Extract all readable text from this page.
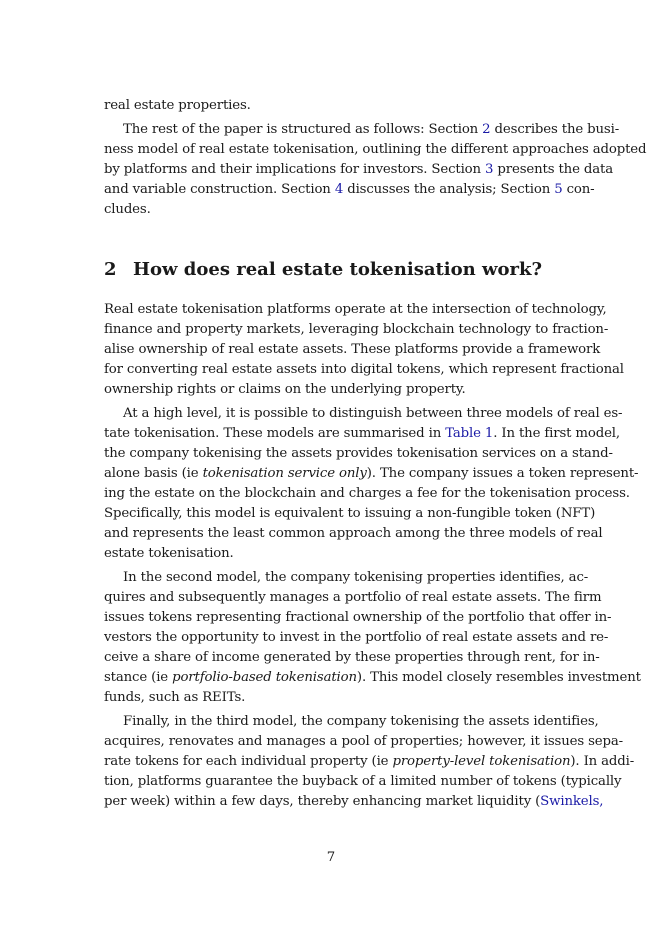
real estate properties.

The rest of the paper is structured as follows: Section 2 describes the busi-
ness model of real estate tokenisation, outlining the different approaches adopted
by platforms and their implications for investors. Section 3 presents the data
and variable construction. Section 4 discusses the analysis; Section 5 con-
cludes.

2 How does real estate tokenisation work?

Real estate tokenisation platforms operate at the intersection of technology,
finance and property markets, leveraging blockchain technology to fraction-
alise ownership of real estate assets. These platforms provide a framework
for converting real estate assets into digital tokens, which represent fractional
ownership rights or claims on the underlying property.

At a high level, it is possible to distinguish between three models of real es-
tate tokenisation. These models are summarised in Table 1. In the first model,
the company tokenising the assets provides tokenisation services on a stand-
alone basis (ie tokenisation service only). The company issues a token represent-
ing the estate on the blockchain and charges a fee for the tokenisation process.
Specifically, this model is equivalent to issuing a non-fungible token (NFT)
and represents the least common approach among the three models of real
estate tokenisation.

In the second model, the company tokenising properties identifies, ac-
quires and subsequently manages a portfolio of real estate assets. The firm
issues tokens representing fractional ownership of the portfolio that offer in-
vestors the opportunity to invest in the portfolio of real estate assets and re-
ceive a share of income generated by these properties through rent, for in-
stance (ie portfolio-based tokenisation). This model closely resembles investment
funds, such as REITs.

Finally, in the third model, the company tokenising the assets identifies,
acquires, renovates and manages a pool of properties; however, it issues sepa-
rate tokens for each individual property (ie property-level tokenisation). In addi-
tion, platforms guarantee the buyback of a limited number of tokens (typically
per week) within a few days, thereby enhancing market liquidity (Swinkels,

7
